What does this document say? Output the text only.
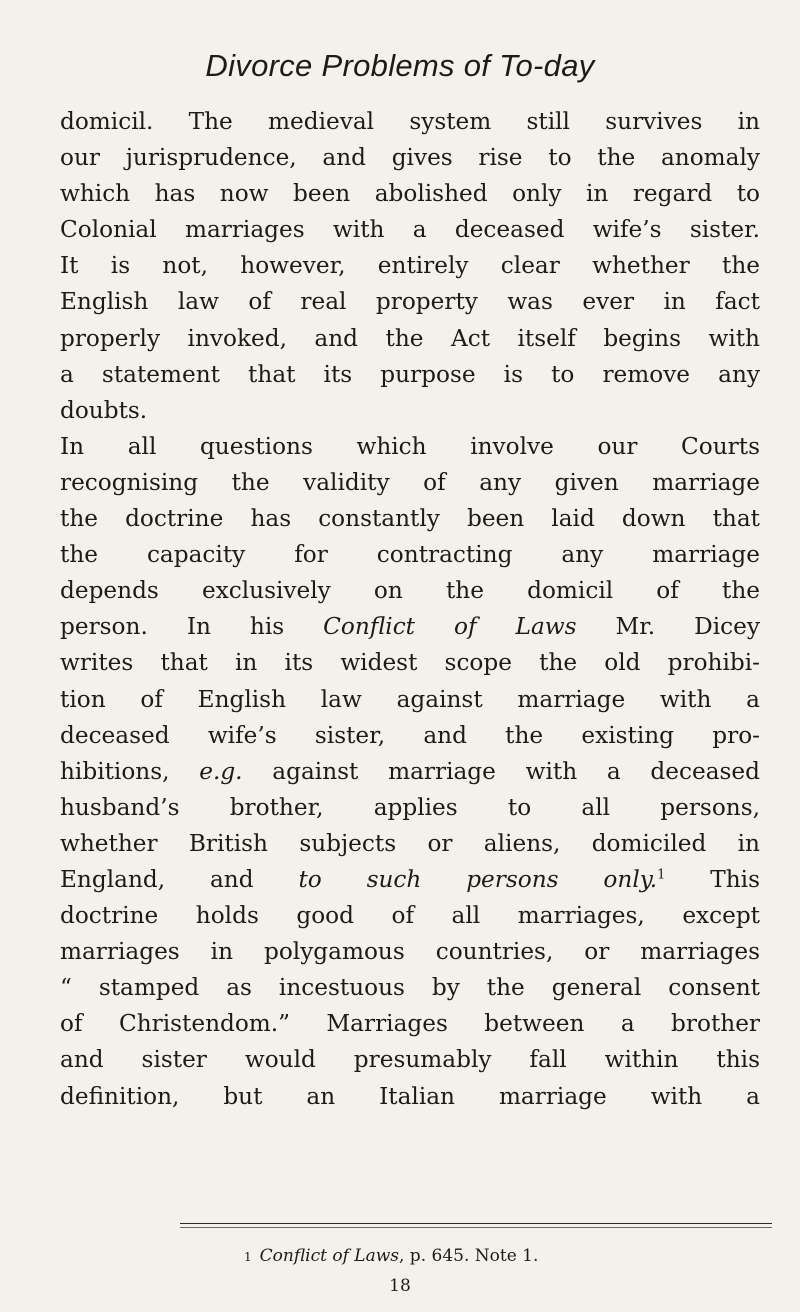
Divorce Problems of To-day
domicil. The medieval system still survives in
our jurisprudence, and gives rise to the anomaly
which has now been abolished only in regard to
Colonial marriages with a deceased wife’s sister.
It is not, however, entirely clear whether the
English law of real property was ever in fact
properly invoked, and the Act itself begins with
a statement that its purpose is to remove any
doubts.
In all questions which involve our Courts
recognising the validity of any given marriage
the doctrine has constantly been laid down that
the capacity for contracting any marriage
depends exclusively on the domicil of the
person. In his Conflict of Laws Mr. Dicey
writes that in its widest scope the old prohibi-
tion of English law against marriage with a
deceased wife’s sister, and the existing pro-
hibitions, e.g. against marriage with a deceased
husband’s brother, applies to all persons,
whether British subjects or aliens, domiciled in
England, and to such persons only.$^1$ This
doctrine holds good of all marriages, except
marriages in polygamous countries, or marriages
“ stamped as incestuous by the general consent
of Christendom.” Marriages between a brother
and sister would presumably fall within this
definition, but an Italian marriage with a
1 Conflict of Laws, p. 645. Note 1.
18
